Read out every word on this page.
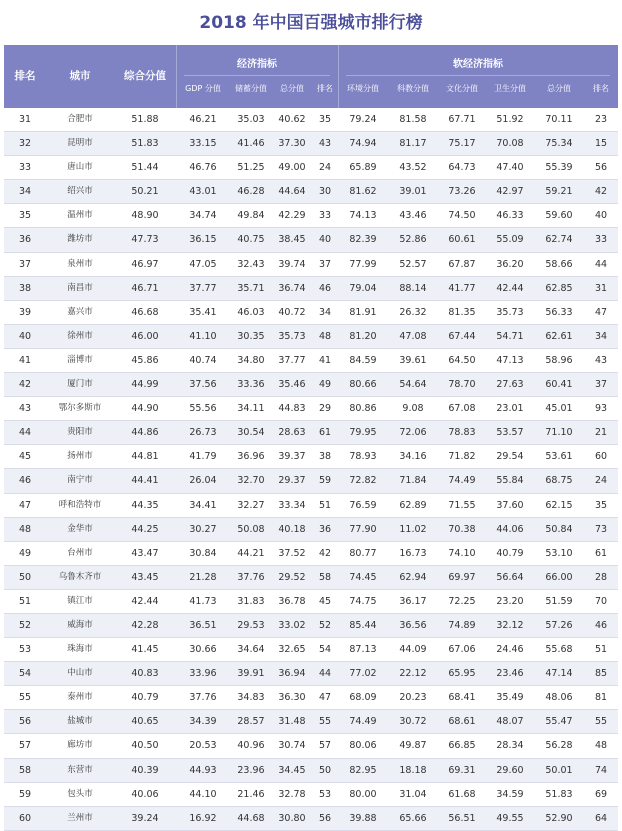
2018 年中国百强城市排行榜
排名	城市	综合分值
经济指标	软经济指标
GDP 分值	储蓄分值	总分值	排名	环境分值	科教分值	文化分值	卫生分值	总分值	排名
31	合肥市	51.88	46.21	35.03	40.62	35	79.24	81.58	67.71	51.92	70.11	23
32	昆明市	51.83	33.15	41.46	37.30	43	74.94	81.17	75.17	70.08	75.34	15
33	唐山市	51.44	46.76	51.25	49.00	24	65.89	43.52	64.73	47.40	55.39	56
34	绍兴市	50.21	43.01	46.28	44.64	30	81.62	39.01	73.26	42.97	59.21	42
35	温州市	48.90	34.74	49.84	42.29	33	74.13	43.46	74.50	46.33	59.60	40
36	潍坊市	47.73	36.15	40.75	38.45	40	82.39	52.86	60.61	55.09	62.74	33
37	泉州市	46.97	47.05	32.43	39.74	37	77.99	52.57	67.87	36.20	58.66	44
38	南昌市	46.71	37.77	35.71	36.74	46	79.04	88.14	41.77	42.44	62.85	31
39	嘉兴市	46.68	35.41	46.03	40.72	34	81.91	26.32	81.35	35.73	56.33	47
40	徐州市	46.00	41.10	30.35	35.73	48	81.20	47.08	67.44	54.71	62.61	34
41	淄博市	45.86	40.74	34.80	37.77	41	84.59	39.61	64.50	47.13	58.96	43
42	厦门市	44.99	37.56	33.36	35.46	49	80.66	54.64	78.70	27.63	60.41	37
43	鄂尔多斯市	44.90	55.56	34.11	44.83	29	80.86	9.08	67.08	23.01	45.01	93
44	贵阳市	44.86	26.73	30.54	28.63	61	79.95	72.06	78.83	53.57	71.10	21
45	扬州市	44.81	41.79	36.96	39.37	38	78.93	34.16	71.82	29.54	53.61	60
46	南宁市	44.41	26.04	32.70	29.37	59	72.82	71.84	74.49	55.84	68.75	24
47	呼和浩特市	44.35	34.41	32.27	33.34	51	76.59	62.89	71.55	37.60	62.15	35
48	金华市	44.25	30.27	50.08	40.18	36	77.90	11.02	70.38	44.06	50.84	73
49	台州市	43.47	30.84	44.21	37.52	42	80.77	16.73	74.10	40.79	53.10	61
50	乌鲁木齐市	43.45	21.28	37.76	29.52	58	74.45	62.94	69.97	56.64	66.00	28
51	镇江市	42.44	41.73	31.83	36.78	45	74.75	36.17	72.25	23.20	51.59	70
52	威海市	42.28	36.51	29.53	33.02	52	85.44	36.56	74.89	32.12	57.26	46
53	珠海市	41.45	30.66	34.64	32.65	54	87.13	44.09	67.06	24.46	55.68	51
54	中山市	40.83	33.96	39.91	36.94	44	77.02	22.12	65.95	23.46	47.14	85
55	泰州市	40.79	37.76	34.83	36.30	47	68.09	20.23	68.41	35.49	48.06	81
56	盐城市	40.65	34.39	28.57	31.48	55	74.49	30.72	68.61	48.07	55.47	55
57	廊坊市	40.50	20.53	40.96	30.74	57	80.06	49.87	66.85	28.34	56.28	48
58	东营市	40.39	44.93	23.96	34.45	50	82.95	18.18	69.31	29.60	50.01	74
59	包头市	40.06	44.10	21.46	32.78	53	80.00	31.04	61.68	34.59	51.83	69
60	兰州市	39.24	16.92	44.68	30.80	56	39.88	65.66	56.51	49.55	52.90	64
